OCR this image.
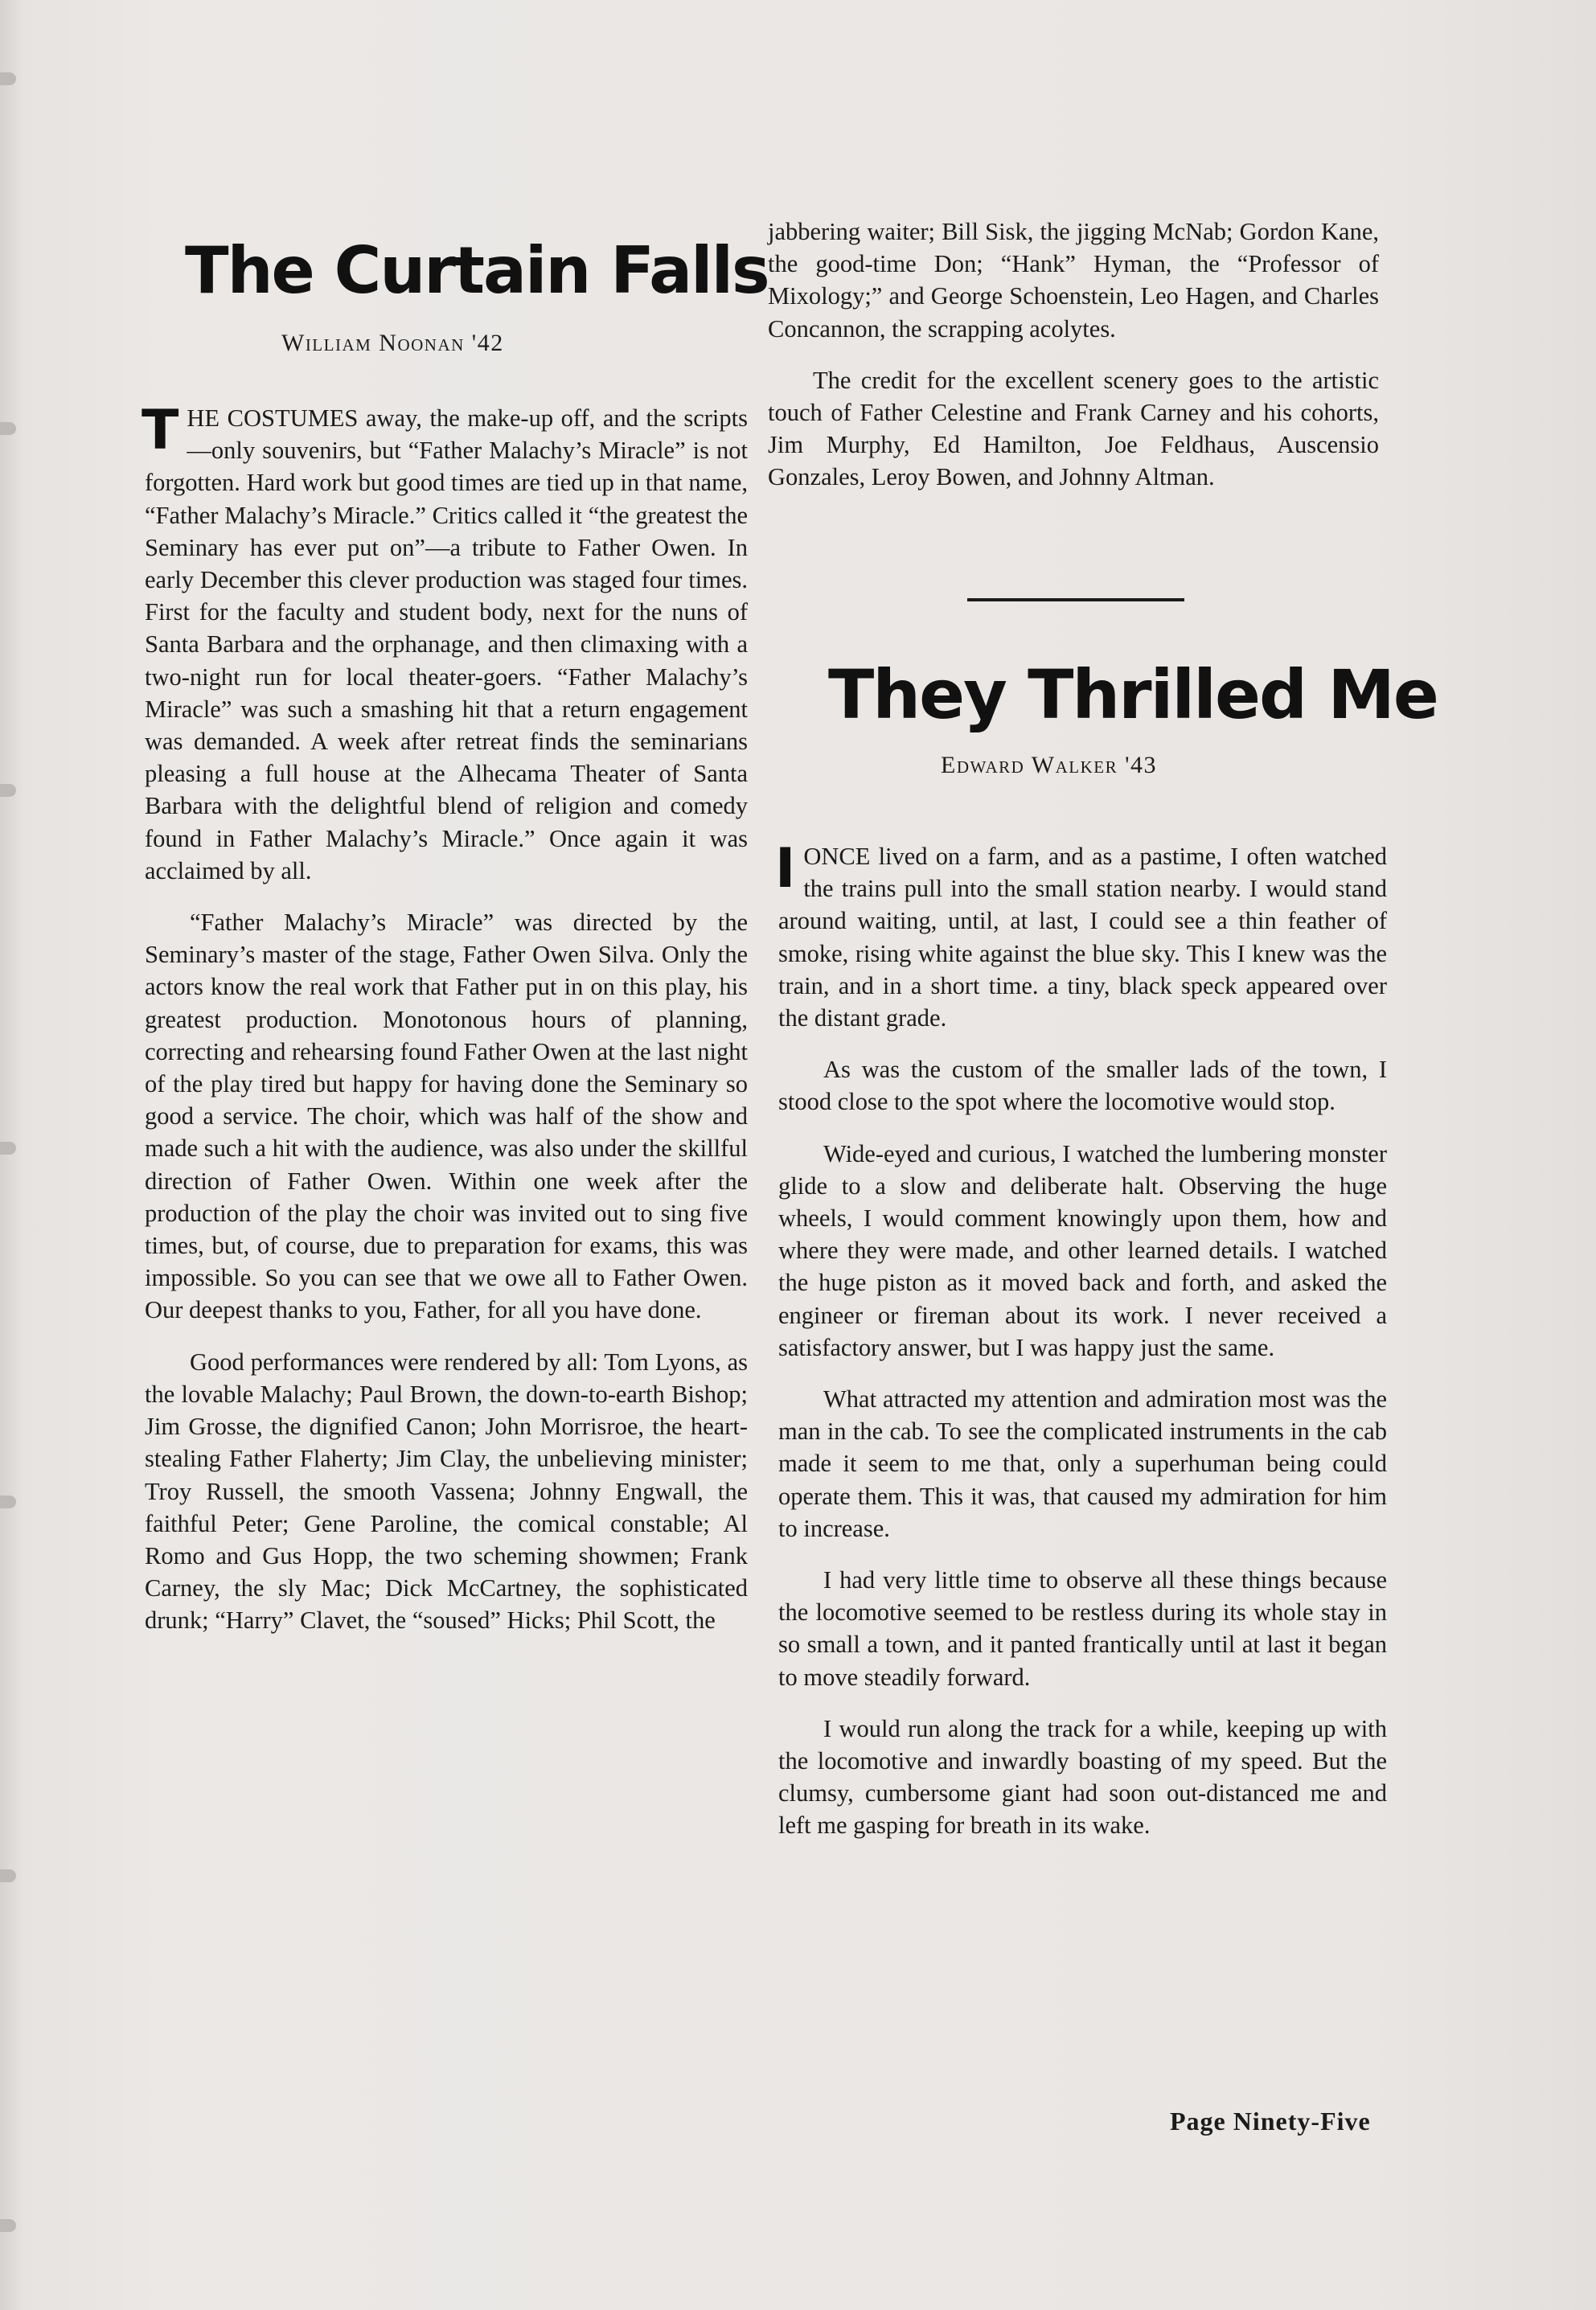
The Curtain Falls
William Noonan '42

THE COSTUMES away, the make-up off, and the scripts—only souvenirs, but “Father Malachy’s Miracle” is not forgotten. Hard work but good times are tied up in that name, “Father Malachy’s Miracle.” Critics called it “the greatest the Seminary has ever put on”—a tribute to Father Owen. In early December this clever production was staged four times. First for the faculty and student body, next for the nuns of Santa Barbara and the orphanage, and then climaxing with a two-night run for local theater-goers. “Father Malachy’s Miracle” was such a smashing hit that a return engagement was demanded. A week after retreat finds the seminarians pleasing a full house at the Alhecama Theater of Santa Barbara with the delightful blend of religion and comedy found in Father Malachy’s Miracle.” Once again it was acclaimed by all.

“Father Malachy’s Miracle” was directed by the Seminary’s master of the stage, Father Owen Silva. Only the actors know the real work that Father put in on this play, his greatest production. Monotonous hours of planning, correcting and rehearsing found Father Owen at the last night of the play tired but happy for having done the Seminary so good a service. The choir, which was half of the show and made such a hit with the audience, was also under the skillful direction of Father Owen. Within one week after the production of the play the choir was invited out to sing five times, but, of course, due to preparation for exams, this was impossible. So you can see that we owe all to Father Owen. Our deepest thanks to you, Father, for all you have done.

Good performances were rendered by all: Tom Lyons, as the lovable Malachy; Paul Brown, the down-to-earth Bishop; Jim Grosse, the dignified Canon; John Morrisroe, the heart-stealing Father Flaherty; Jim Clay, the unbelieving minister; Troy Russell, the smooth Vassena; Johnny Engwall, the faithful Peter; Gene Paroline, the comical constable; Al Romo and Gus Hopp, the two scheming showmen; Frank Carney, the sly Mac; Dick McCartney, the sophisticated drunk; “Harry” Clavet, the “soused” Hicks; Phil Scott, the

jabbering waiter; Bill Sisk, the jigging McNab; Gordon Kane, the good-time Don; “Hank” Hyman, the “Professor of Mixology;” and George Schoenstein, Leo Hagen, and Charles Concannon, the scrapping acolytes.

The credit for the excellent scenery goes to the artistic touch of Father Celestine and Frank Carney and his cohorts, Jim Murphy, Ed Hamilton, Joe Feldhaus, Auscensio Gonzales, Leroy Bowen, and Johnny Altman.

They Thrilled Me
Edward Walker '43

IONCE lived on a farm, and as a pastime, I often watched the trains pull into the small station nearby. I would stand around waiting, until, at last, I could see a thin feather of smoke, rising white against the blue sky. This I knew was the train, and in a short time. a tiny, black speck appeared over the distant grade.

As was the custom of the smaller lads of the town, I stood close to the spot where the locomotive would stop.

Wide-eyed and curious, I watched the lumbering monster glide to a slow and deliberate halt. Observing the huge wheels, I would comment knowingly upon them, how and where they were made, and other learned details. I watched the huge piston as it moved back and forth, and asked the engineer or fireman about its work. I never received a satisfactory answer, but I was happy just the same.

What attracted my attention and admiration most was the man in the cab. To see the complicated instruments in the cab made it seem to me that, only a superhuman being could operate them. This it was, that caused my admiration for him to increase.

I had very little time to observe all these things because the locomotive seemed to be restless during its whole stay in so small a town, and it panted frantically until at last it began to move steadily forward.

I would run along the track for a while, keeping up with the locomotive and inwardly boasting of my speed. But the clumsy, cumbersome giant had soon out-distanced me and left me gasping for breath in its wake.

Page Ninety-Five
